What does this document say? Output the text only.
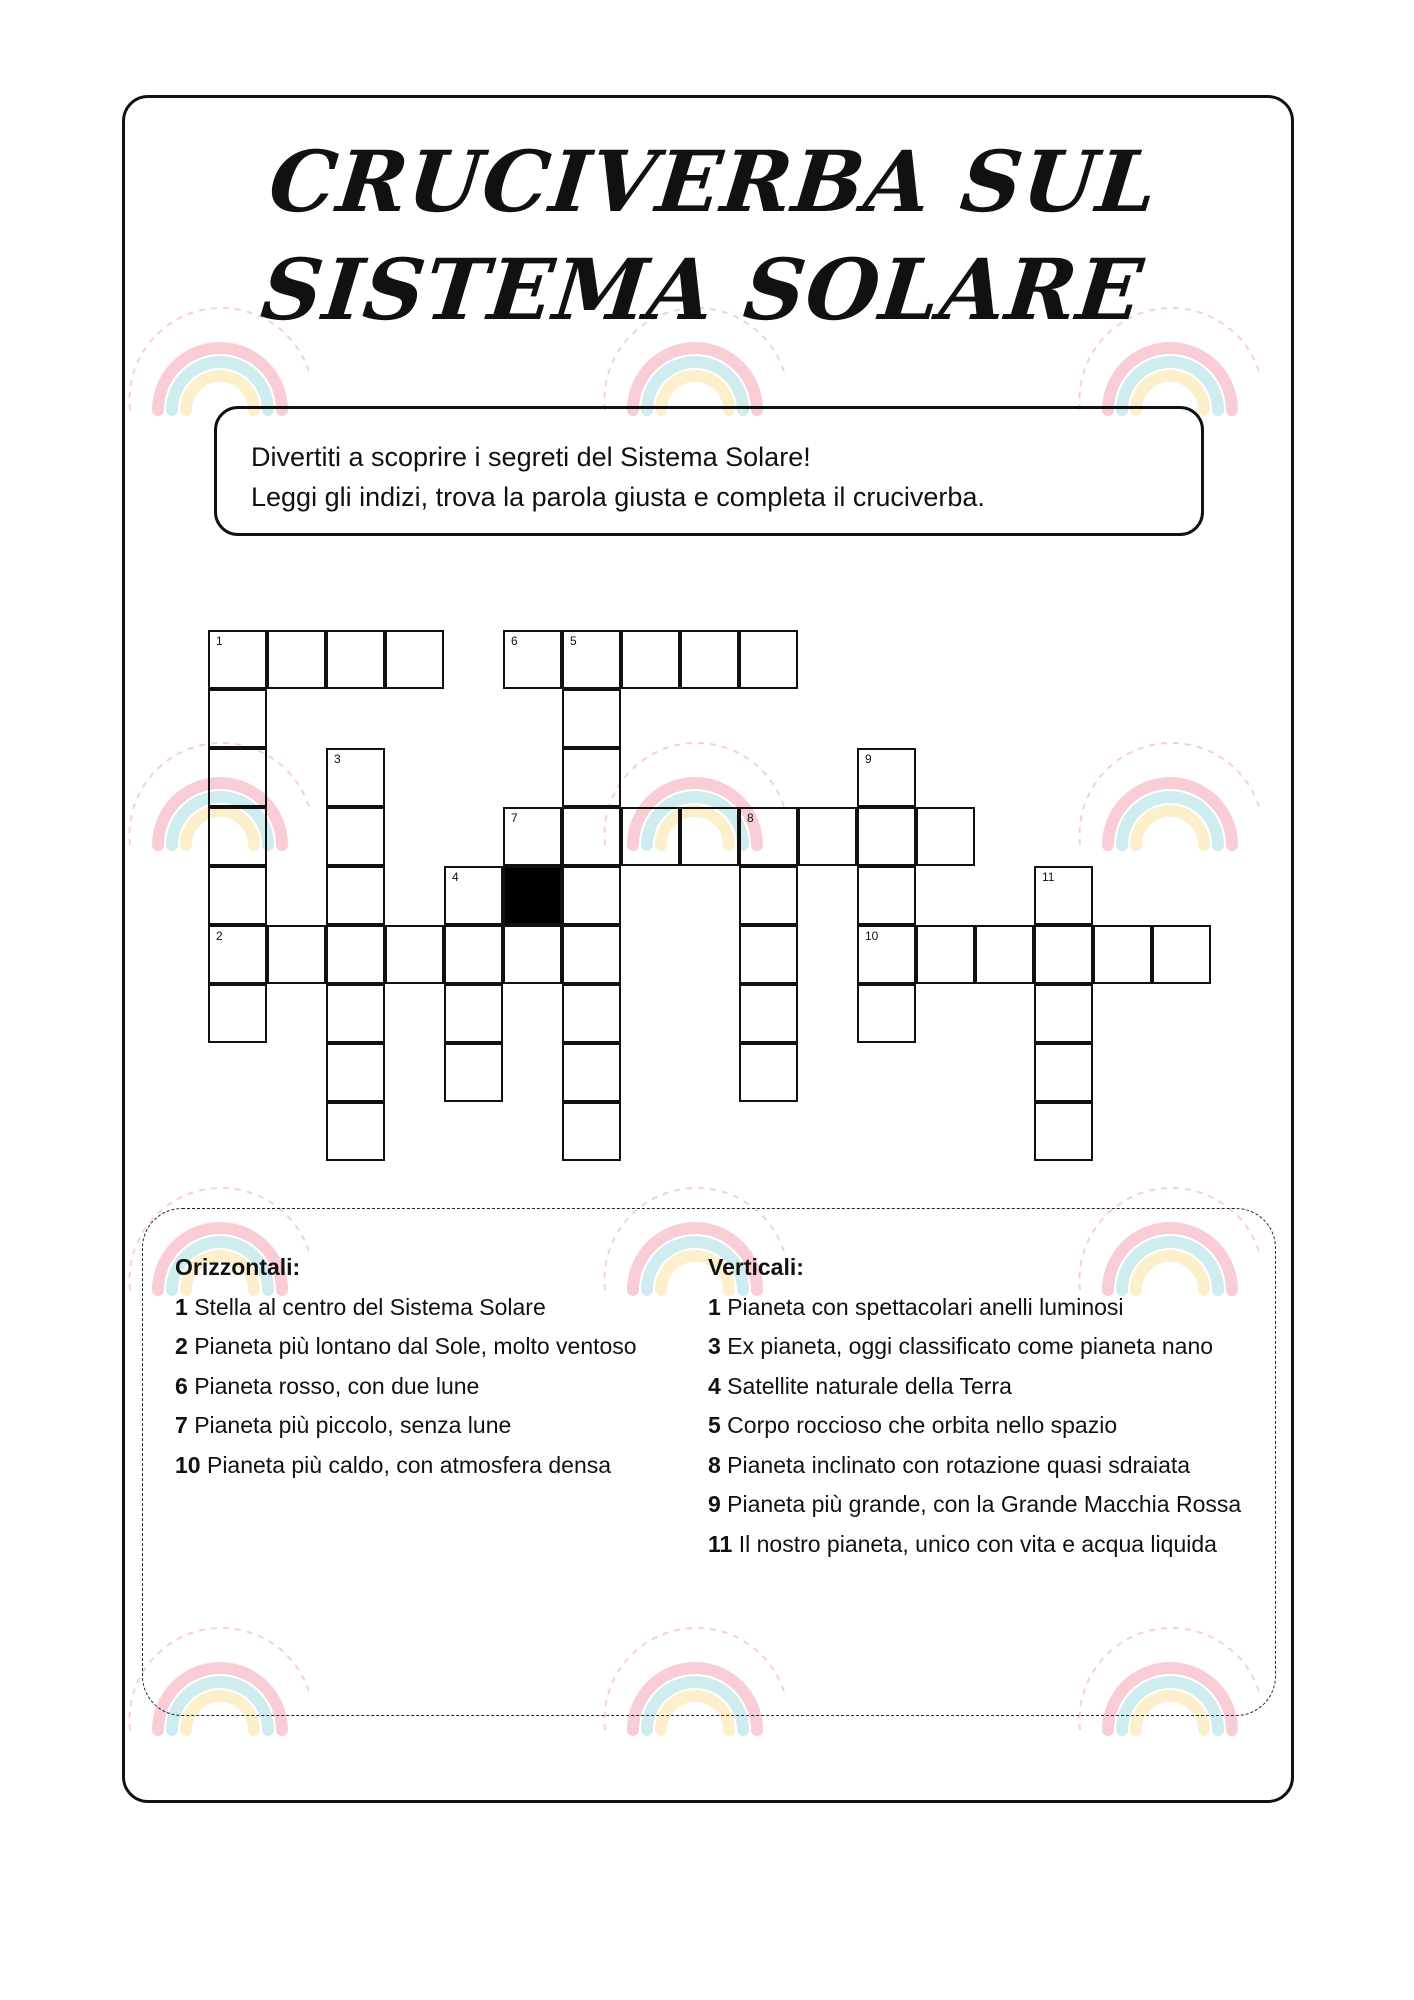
CRUCIVERBA SUL
SISTEMA SOLARE
Divertiti a scoprire i segreti del Sistema Solare!
Leggi gli indizi, trova la parola giusta e completa il cruciverba.
1	6	5
3	9
7	8
4	11
2	10
Orizzontali:
1 Stella al centro del Sistema Solare
2 Pianeta più lontano dal Sole, molto ventoso
6 Pianeta rosso, con due lune
7 Pianeta più piccolo, senza lune
10 Pianeta più caldo, con atmosfera densa
Verticali:
1 Pianeta con spettacolari anelli luminosi
3 Ex pianeta, oggi classificato come pianeta nano
4 Satellite naturale della Terra
5 Corpo roccioso che orbita nello spazio
8 Pianeta inclinato con rotazione quasi sdraiata
9 Pianeta più grande, con la Grande Macchia Rossa
11 Il nostro pianeta, unico con vita e acqua liquida
